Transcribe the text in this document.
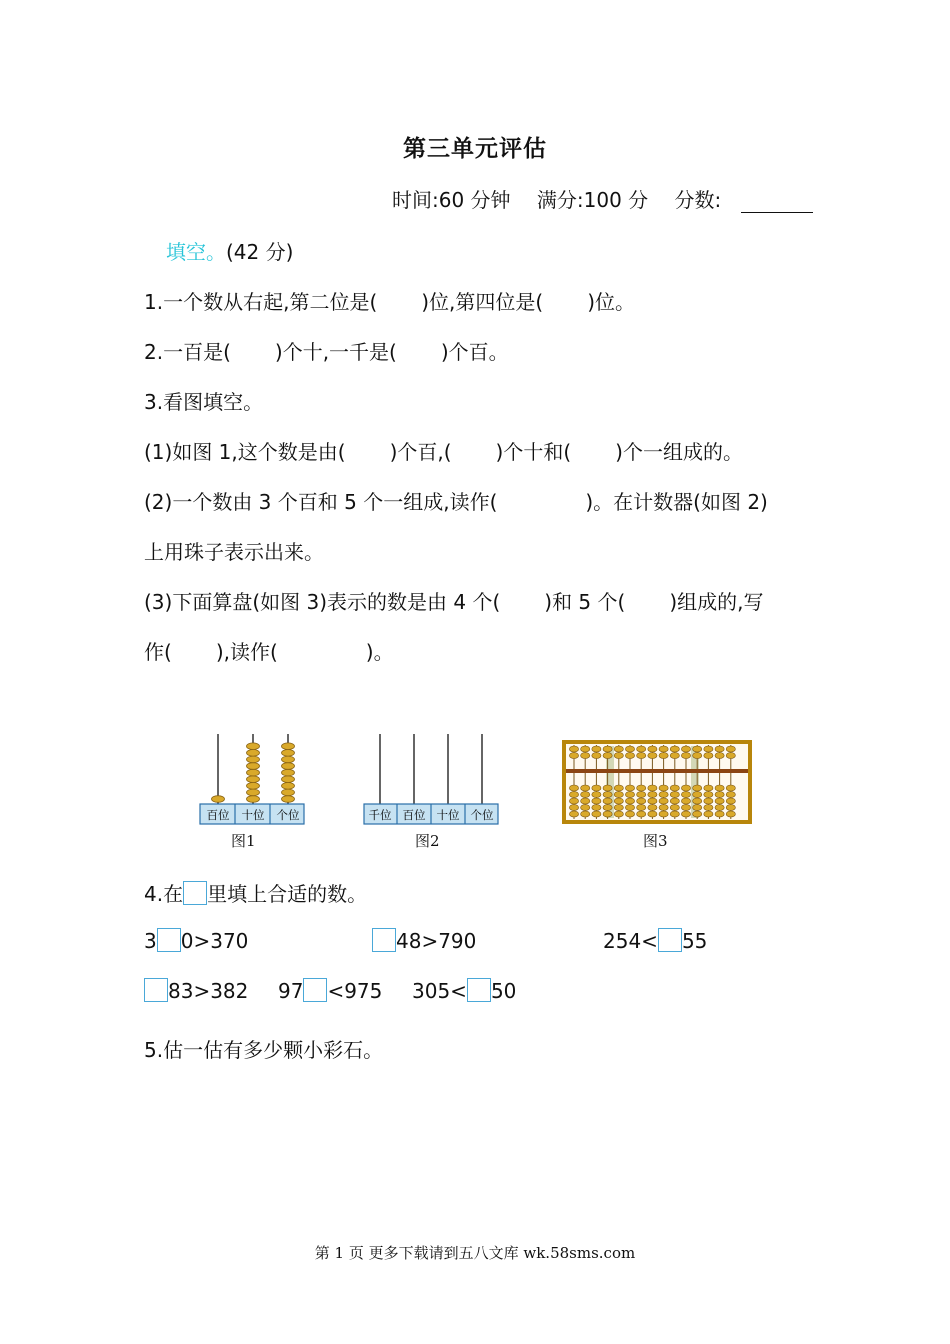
第三单元评估
时间:60 分钟 满分:100 分 分数:
填空。(42 分)
1.一个数从右起,第二位是( )位,第四位是( )位。
2.一百是( )个十,一千是( )个百。
3.看图填空。
(1)如图 1,这个数是由( )个百,( )个十和( )个一组成的。
(2)一个数由 3 个百和 5 个一组成,读作(	)。在计数器(如图 2)
上用珠子表示出来。
(3)下面算盘(如图 3)表示的数是由 4 个( )和 5 个( )组成的,写
作( ),读作(	)。
百位 十位 个位
图1
千位 百位 十位 个位
图2	图3
4.在 里填上合适的数。
3 0>370	48>790	254< 55
83>382 97 <975 305< 50
5.估一估有多少颗小彩石。
第 1 页 更多下载请到五八文库 wk.58sms.com
